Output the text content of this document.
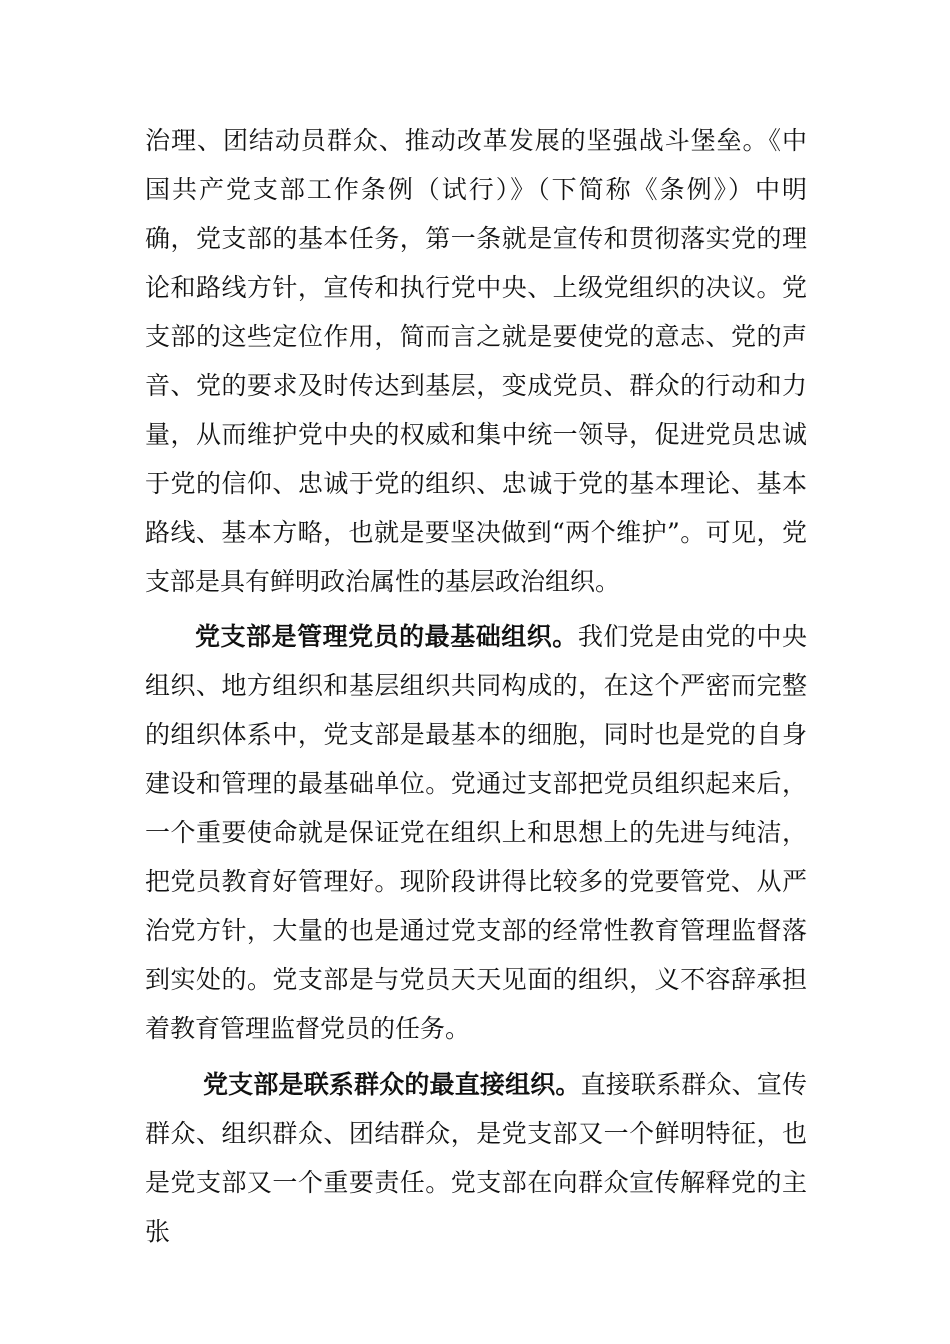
治理、团结动员群众、推动改革发展的坚强战斗堡垒。《中国共产党支部工作条例（试行）》（下简称《条例》）中明确，党支部的基本任务，第一条就是宣传和贯彻落实党的理论和路线方针，宣传和执行党中央、上级党组织的决议。党支部的这些定位作用，简而言之就是要使党的意志、党的声音、党的要求及时传达到基层，变成党员、群众的行动和力量，从而维护党中央的权威和集中统一领导，促进党员忠诚于党的信仰、忠诚于党的组织、忠诚于党的基本理论、基本路线、基本方略，也就是要坚决做到“两个维护”。可见，党支部是具有鲜明政治属性的基层政治组织。

党支部是管理党员的最基础组织。我们党是由党的中央组织、地方组织和基层组织共同构成的，在这个严密而完整的组织体系中，党支部是最基本的细胞，同时也是党的自身建设和管理的最基础单位。党通过支部把党员组织起来后，一个重要使命就是保证党在组织上和思想上的先进与纯洁，把党员教育好管理好。现阶段讲得比较多的党要管党、从严治党方针，大量的也是通过党支部的经常性教育管理监督落到实处的。党支部是与党员天天见面的组织，义不容辞承担着教育管理监督党员的任务。

党支部是联系群众的最直接组织。直接联系群众、宣传群众、组织群众、团结群众，是党支部又一个鲜明特征，也是党支部又一个重要责任。党支部在向群众宣传解释党的主张
